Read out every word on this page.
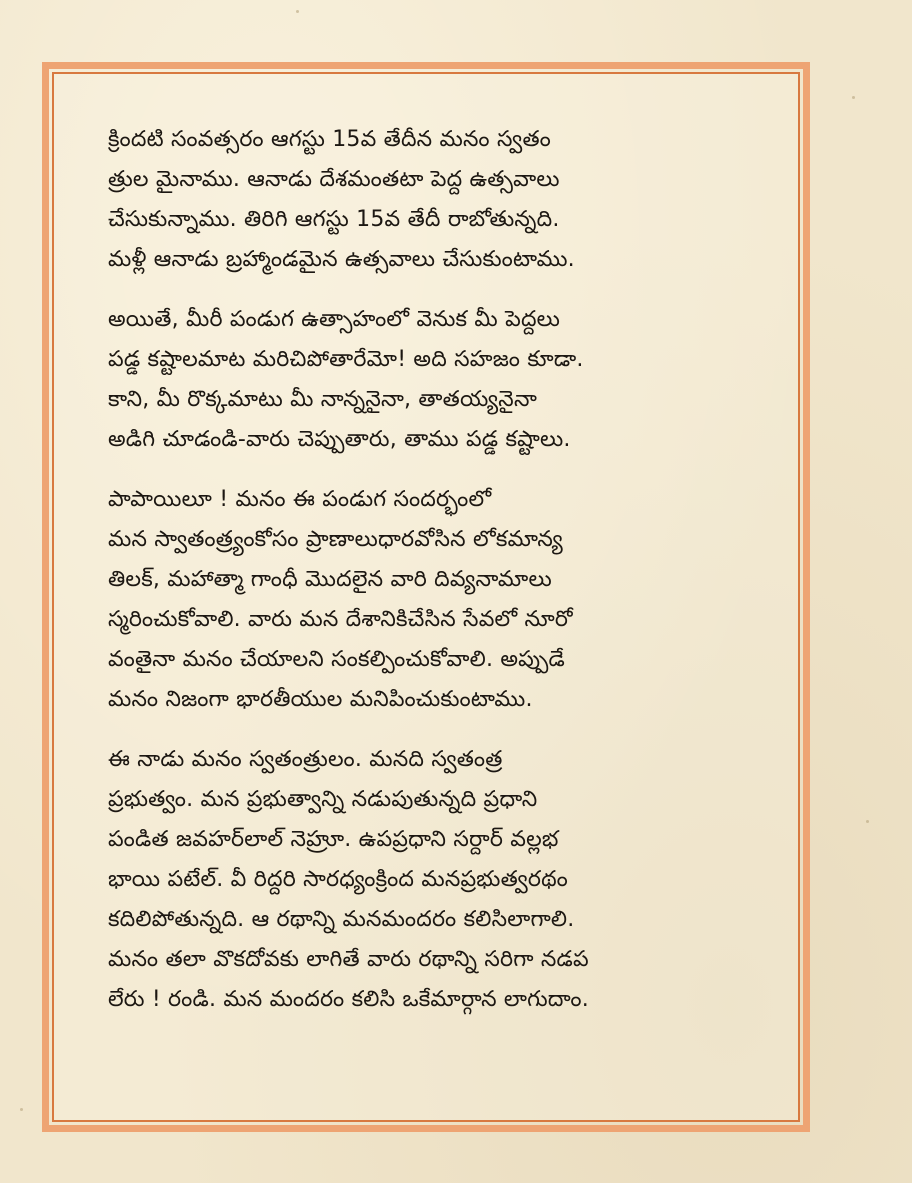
క్రిందటి సంవత్సరం ఆగస్టు 15వ తేదీన మనం స్వతం
త్రుల మైనాము. ఆనాడు దేశమంతటా పెద్ద ఉత్సవాలు
చేసుకున్నాము. తిరిగి ఆగస్టు 15వ తేదీ రాబోతున్నది.
మళ్లీ ఆనాడు బ్రహ్మాండమైన ఉత్సవాలు చేసుకుంటాము.
అయితే, మీరీ పండుగ ఉత్సాహంలో వెనుక మీ పెద్దలు
పడ్డ కష్టాలమాట మరిచిపోతారేమో! అది సహజం కూడా.
కాని, మీ రొక్కమాటు మీ నాన్ననైనా, తాతయ్యనైనా
అడిగి చూడండి-వారు చెప్పుతారు, తాము పడ్డ కష్టాలు.
పాపాయిలూ ! మనం ఈ పండుగ సందర్భంలో
మన స్వాతంత్ర్యంకోసం ప్రాణాలుధారవోసిన లోకమాన్య
తిలక్, మహాత్మా గాంధీ మొదలైన వారి దివ్యనామాలు
స్మరించుకోవాలి. వారు మన దేశానికిచేసిన సేవలో నూరో
వంతైనా మనం చేయాలని సంకల్పించుకోవాలి. అప్పుడే
మనం నిజంగా భారతీయుల మనిపించుకుంటాము.
ఈ నాడు మనం స్వతంత్రులం. మనది స్వతంత్ర
ప్రభుత్వం. మన ప్రభుత్వాన్ని నడుపుతున్నది ప్రధాని
పండిత జవహర్‌లాల్ నెహ్రూ. ఉపప్రధాని సర్దార్ వల్లభ
భాయి పటేల్. వీ రిద్దరి సారధ్యంక్రింద మనప్రభుత్వరథం
కదిలిపోతున్నది. ఆ రథాన్ని మనమందరం కలిసిలాగాలి.
మనం తలా వొకదోవకు లాగితే వారు రథాన్ని సరిగా నడప
లేరు ! రండి. మన మందరం కలిసి ఒకేమార్గాన లాగుదాం.
